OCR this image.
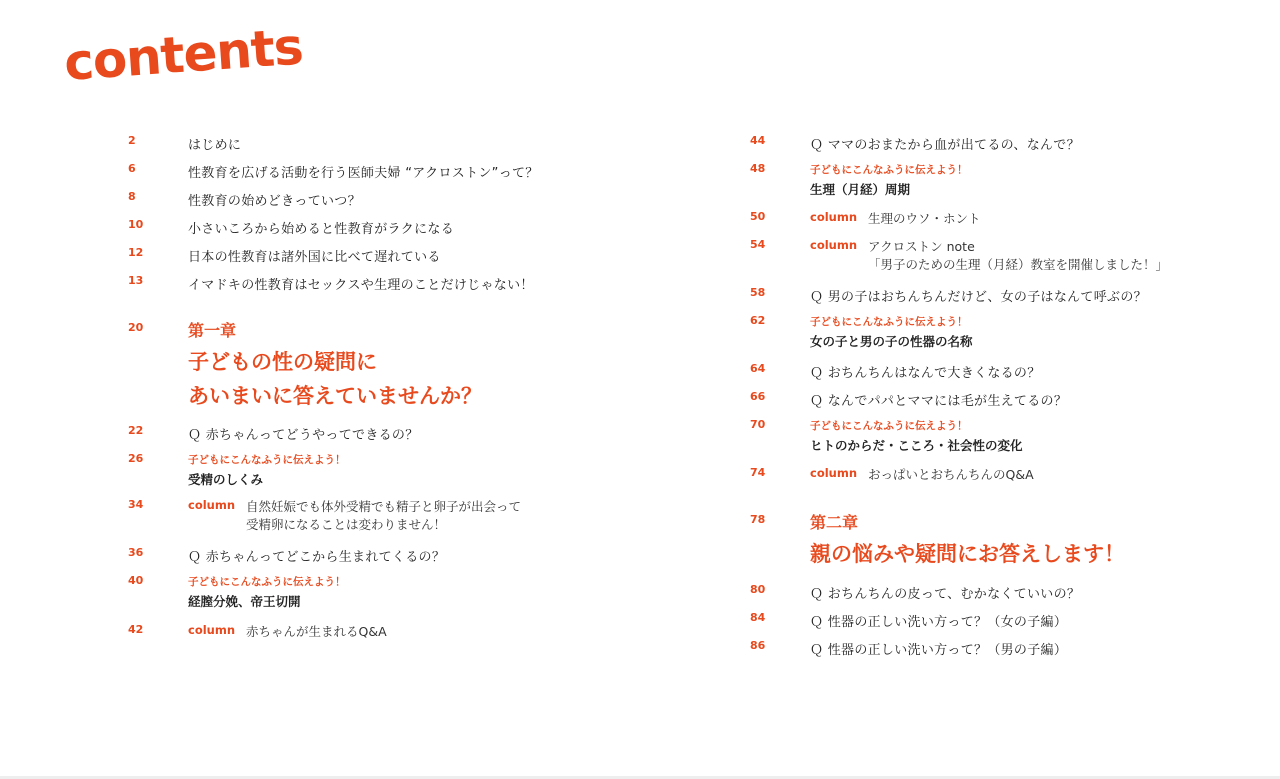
contents
2	はじめに
6	性教育を広げる活動を行う医師夫婦 “アクロストン”って？
8	性教育の始めどきっていつ？
10	小さいころから始めると性教育がラクになる
12	日本の性教育は諸外国に比べて遅れている
13	イマドキの性教育はセックスや生理のことだけじゃない！
20	第一章
子どもの性の疑問に
あいまいに答えていませんか？
22	Ｑ 赤ちゃんってどうやってできるの？
26	子どもにこんなふうに伝えよう！
受精のしくみ
34	column 自然妊娠でも体外受精でも精子と卵子が出会って
受精卵になることは変わりません！
36	Ｑ 赤ちゃんってどこから生まれてくるの？
40	子どもにこんなふうに伝えよう！
経膣分娩、帝王切開
42	column 赤ちゃんが生まれるQ&A
44	Ｑ ママのおまたから血が出てるの、なんで？
48	子どもにこんなふうに伝えよう！
生理（月経）周期
50	column 生理のウソ・ホント
54	column アクロストン note
「男子のための生理（月経）教室を開催しました！」
58	Ｑ 男の子はおちんちんだけど、女の子はなんて呼ぶの？
62	子どもにこんなふうに伝えよう！
女の子と男の子の性器の名称
64	Ｑ おちんちんはなんで大きくなるの？
66	Ｑ なんでパパとママには毛が生えてるの？
70	子どもにこんなふうに伝えよう！
ヒトのからだ・こころ・社会性の変化
74	column おっぱいとおちんちんのQ&A
78	第二章
親の悩みや疑問にお答えします！
80	Ｑ おちんちんの皮って、むかなくていいの？
84	Ｑ 性器の正しい洗い方って？（女の子編）
86	Ｑ 性器の正しい洗い方って？（男の子編）
